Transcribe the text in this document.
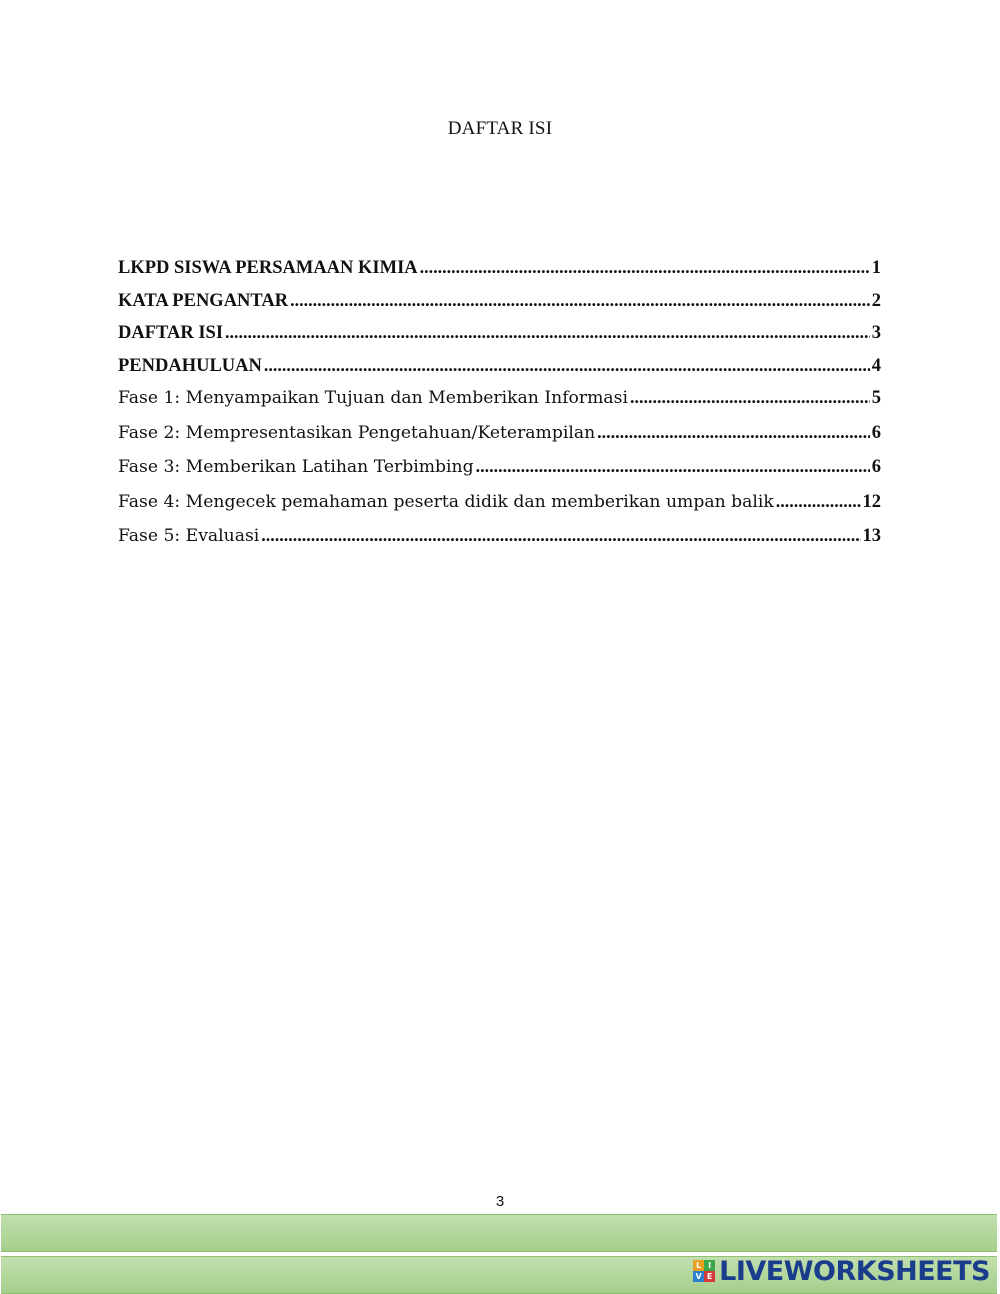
DAFTAR ISI
LKPD SISWA PERSAMAAN KIMIA .....	1
KATA PENGANTAR .....	2
DAFTAR ISI .....	3
PENDAHULUAN .....	4
Fase 1: Menyampaikan Tujuan dan Memberikan Informasi .....	5
Fase 2: Mempresentasikan Pengetahuan/Keterampilan .....	6
Fase 3: Memberikan Latihan Terbimbing .....	6
Fase 4: Mengecek pemahaman peserta didik dan memberikan umpan balik .....	12
Fase 5: Evaluasi .....	13
3
L I
V E LIVEWORKSHEETS
